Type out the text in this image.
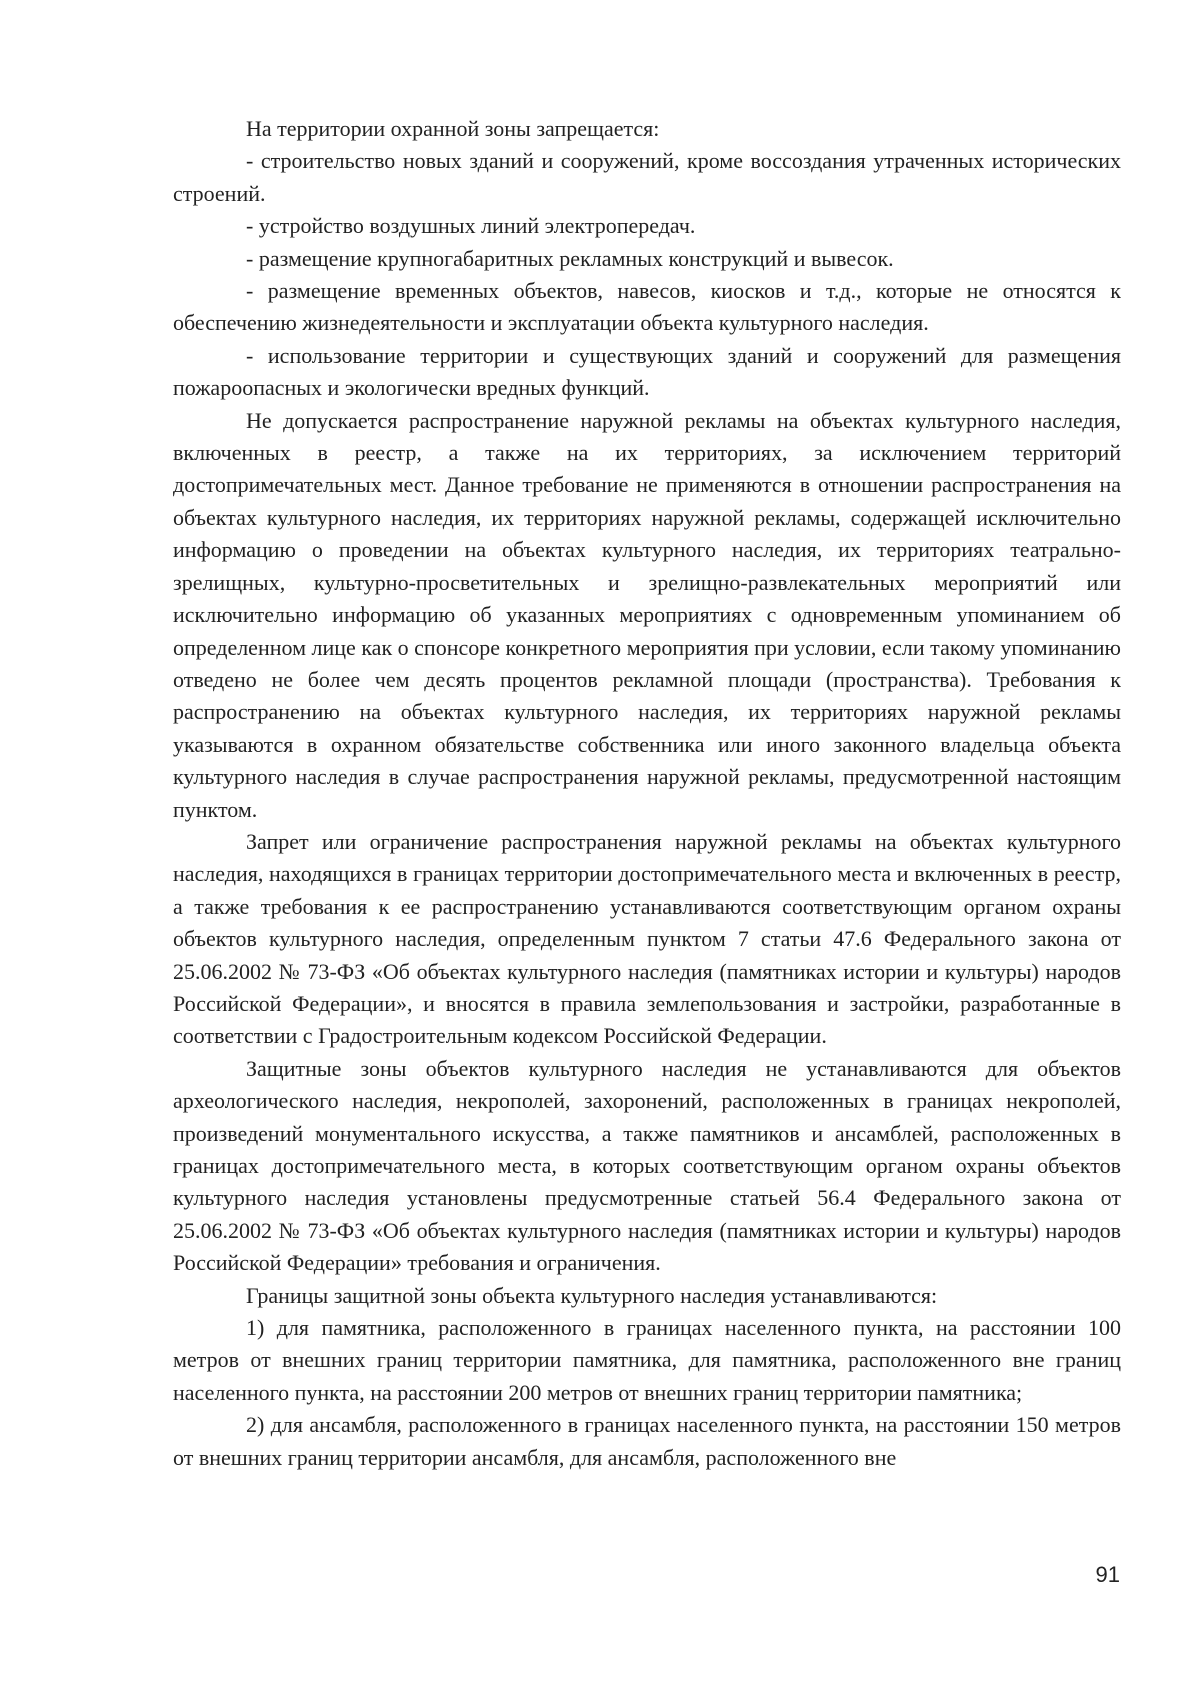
На территории охранной зоны запрещается:

- строительство новых зданий и сооружений, кроме воссоздания утраченных исторических строений.

- устройство воздушных линий электропередач.

- размещение крупногабаритных рекламных конструкций и вывесок.

- размещение временных объектов, навесов, киосков и т.д., которые не относятся к обеспечению жизнедеятельности и эксплуатации объекта культурного наследия.

- использование территории и существующих зданий и сооружений для размещения пожароопасных и экологически вредных функций.

Не допускается распространение наружной рекламы на объектах культурного наследия, включенных в реестр, а также на их территориях, за исключением территорий достопримечательных мест. Данное требование не применяются в отношении распространения на объектах культурного наследия, их территориях наружной рекламы, содержащей исключительно информацию о проведении на объектах культурного наследия, их территориях театрально-зрелищных, культурно-просветительных и зрелищно-развлекательных мероприятий или исключительно информацию об указанных мероприятиях с одновременным упоминанием об определенном лице как о спонсоре конкретного мероприятия при условии, если такому упоминанию отведено не более чем десять процентов рекламной площади (пространства). Требования к распространению на объектах культурного наследия, их территориях наружной рекламы указываются в охранном обязательстве собственника или иного законного владельца объекта культурного наследия в случае распространения наружной рекламы, предусмотренной настоящим пунктом.

Запрет или ограничение распространения наружной рекламы на объектах культурного наследия, находящихся в границах территории достопримечательного места и включенных в реестр, а также требования к ее распространению устанавливаются соответствующим органом охраны объектов культурного наследия, определенным пунктом 7 статьи 47.6 Федерального закона от 25.06.2002 № 73-ФЗ «Об объектах культурного наследия (памятниках истории и культуры) народов Российской Федерации», и вносятся в правила землепользования и застройки, разработанные в соответствии с Градостроительным кодексом Российской Федерации.

Защитные зоны объектов культурного наследия не устанавливаются для объектов археологического наследия, некрополей, захоронений, расположенных в границах некрополей, произведений монументального искусства, а также памятников и ансамблей, расположенных в границах достопримечательного места, в которых соответствующим органом охраны объектов культурного наследия установлены предусмотренные статьей 56.4 Федерального закона от 25.06.2002 № 73-ФЗ «Об объектах культурного наследия (памятниках истории и культуры) народов Российской Федерации» требования и ограничения.

Границы защитной зоны объекта культурного наследия устанавливаются:

1) для памятника, расположенного в границах населенного пункта, на расстоянии 100 метров от внешних границ территории памятника, для памятника, расположенного вне границ населенного пункта, на расстоянии 200 метров от внешних границ территории памятника;

2) для ансамбля, расположенного в границах населенного пункта, на расстоянии 150 метров от внешних границ территории ансамбля, для ансамбля, расположенного вне

91
